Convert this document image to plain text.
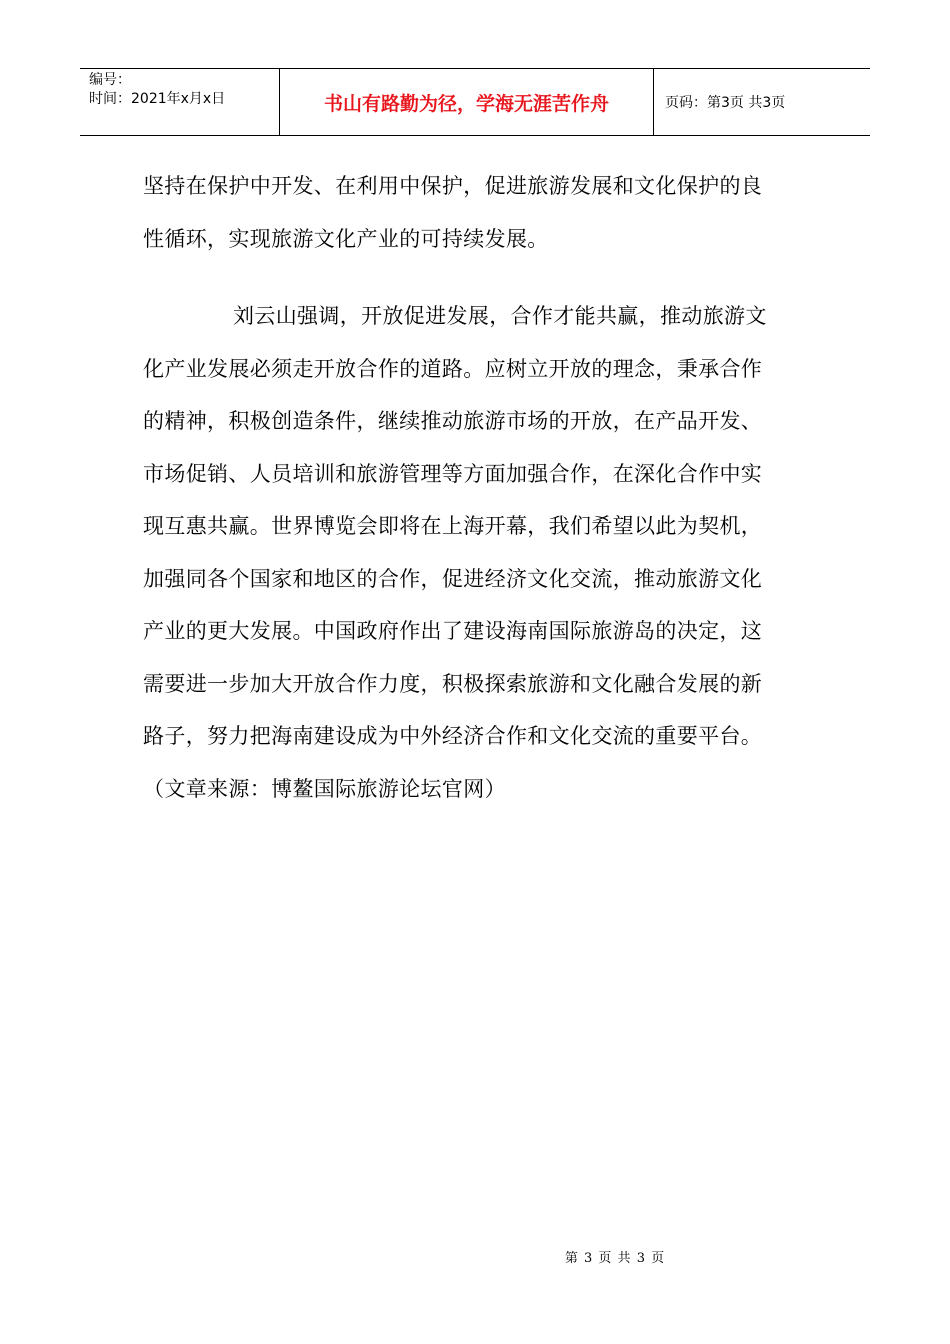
编号：
时间：2021年x月x日	书山有路勤为径，学海无涯苦作舟	页码：第3页 共3页
坚持在保护中开发、在利用中保护，促进旅游发展和文化保护的良
性循环，实现旅游文化产业的可持续发展。
刘云山强调，开放促进发展，合作才能共赢，推动旅游文
化产业发展必须走开放合作的道路。应树立开放的理念，秉承合作
的精神，积极创造条件，继续推动旅游市场的开放，在产品开发、
市场促销、人员培训和旅游管理等方面加强合作，在深化合作中实
现互惠共赢。世界博览会即将在上海开幕，我们希望以此为契机，
加强同各个国家和地区的合作，促进经济文化交流，推动旅游文化
产业的更大发展。中国政府作出了建设海南国际旅游岛的决定，这
需要进一步加大开放合作力度，积极探索旅游和文化融合发展的新
路子，努力把海南建设成为中外经济合作和文化交流的重要平台。
（文章来源：博鳌国际旅游论坛官网）
第 3 页 共 3 页
